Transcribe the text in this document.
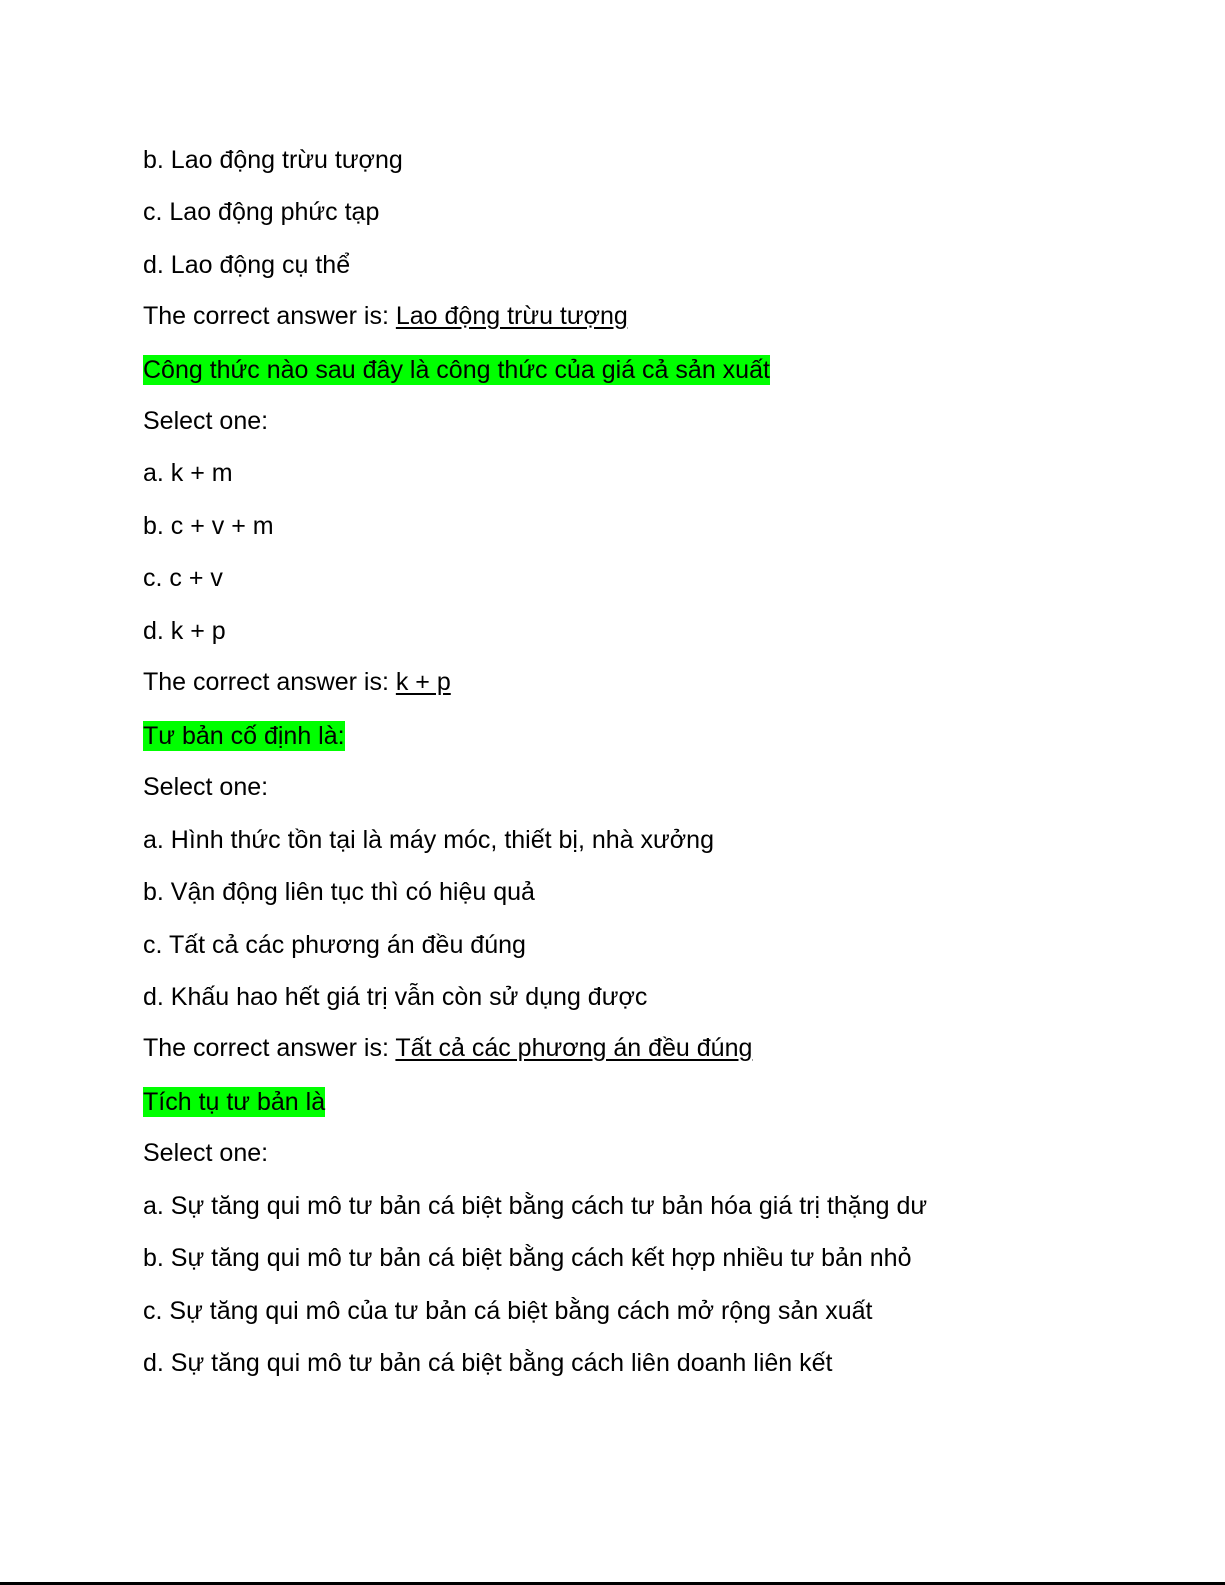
b. Lao động trừu tượng
c. Lao động phức tạp
d. Lao động cụ thể
The correct answer is: Lao động trừu tượng
Công thức nào sau đây là công thức của giá cả sản xuất
Select one:
a. k + m
b. c + v + m
c. c + v
d. k + p
The correct answer is: k + p
Tư bản cố định là:
Select one:
a. Hình thức tồn tại là máy móc, thiết bị, nhà xưởng
b. Vận động liên tục thì có hiệu quả
c. Tất cả các phương án đều đúng
d. Khấu hao hết giá trị vẫn còn sử dụng được
The correct answer is: Tất cả các phương án đều đúng
Tích tụ tư bản là
Select one:
a. Sự tăng qui mô tư bản cá biệt bằng cách tư bản hóa giá trị thặng dư
b. Sự tăng qui mô tư bản cá biệt bằng cách kết hợp nhiều tư bản nhỏ
c. Sự tăng qui mô của tư bản cá biệt bằng cách mở rộng sản xuất
d. Sự tăng qui mô tư bản cá biệt bằng cách liên doanh liên kết
